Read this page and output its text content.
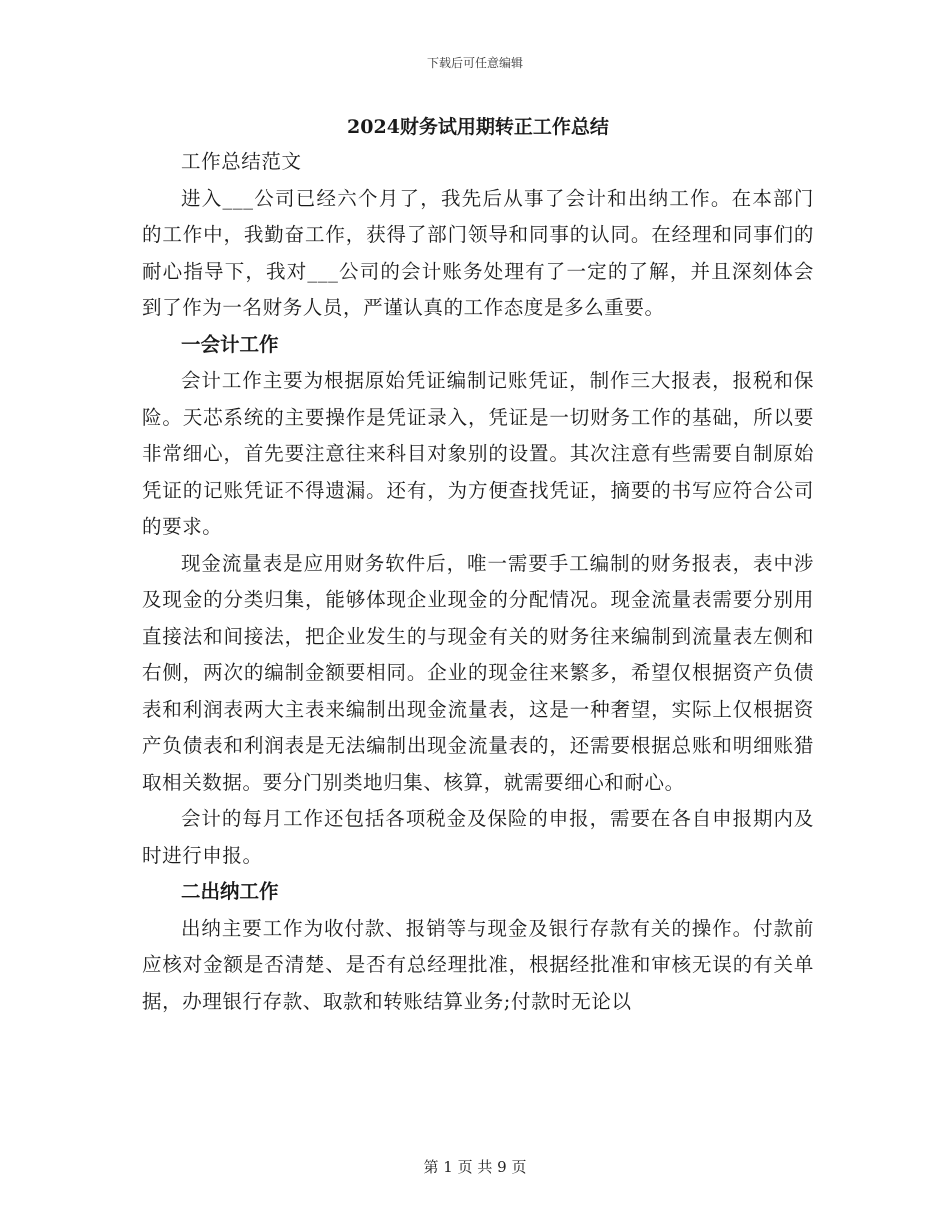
下载后可任意编辑
2024财务试用期转正工作总结

工作总结范文

进入___公司已经六个月了，我先后从事了会计和出纳工作。在本部门的工作中，我勤奋工作，获得了部门领导和同事的认同。在经理和同事们的耐心指导下，我对___公司的会计账务处理有了一定的了解，并且深刻体会到了作为一名财务人员，严谨认真的工作态度是多么重要。

一会计工作

会计工作主要为根据原始凭证编制记账凭证，制作三大报表，报税和保险。天芯系统的主要操作是凭证录入，凭证是一切财务工作的基础，所以要非常细心，首先要注意往来科目对象别的设置。其次注意有些需要自制原始凭证的记账凭证不得遗漏。还有，为方便查找凭证，摘要的书写应符合公司的要求。

现金流量表是应用财务软件后，唯一需要手工编制的财务报表，表中涉及现金的分类归集，能够体现企业现金的分配情况。现金流量表需要分别用直接法和间接法，把企业发生的与现金有关的财务往来编制到流量表左侧和右侧，两次的编制金额要相同。企业的现金往来繁多，希望仅根据资产负债表和利润表两大主表来编制出现金流量表，这是一种奢望，实际上仅根据资产负债表和利润表是无法编制出现金流量表的，还需要根据总账和明细账猎取相关数据。要分门别类地归集、核算，就需要细心和耐心。

会计的每月工作还包括各项税金及保险的申报，需要在各自申报期内及时进行申报。

二出纳工作

出纳主要工作为收付款、报销等与现金及银行存款有关的操作。付款前应核对金额是否清楚、是否有总经理批准，根据经批准和审核无误的有关单据，办理银行存款、取款和转账结算业务;付款时无论以

第 1 页 共 9 页
